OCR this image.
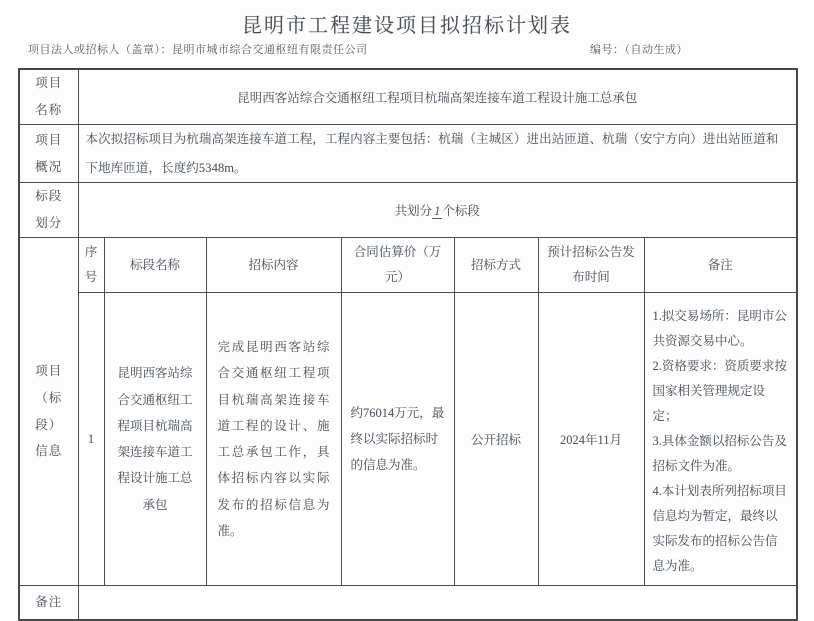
昆明市工程建设项目拟招标计划表
项目法人或招标人（盖章）：昆明市城市综合交通枢纽有限责任公司	编号：（自动生成）
项目名称	昆明西客站综合交通枢纽工程项目杭瑞高架连接车道工程设计施工总承包						
项目概况	本次拟招标项目为杭瑞高架连接车道工程，工程内容主要包括：杭瑞（主城区）进出站匝道、杭瑞（安宁方向）进出站匝道和下地库匝道，长度约5348m。						
标段划分	共划分 1 个标段						
项目（标段）信息	序号	标段名称	招标内容	合同估算价（万元）	招标方式	预计招标公告发布时间	备注
	1	昆明西客站综合交通枢纽工程项目杭瑞高架连接车道工程设计施工总承包	完成昆明西客站综合交通枢纽工程项目杭瑞高架连接车道工程的设计、施工总承包工作，具体招标内容以实际发布的招标信息为准。	约76014万元，最终以实际招标时的信息为准。	公开招标	2024年11月	1.拟交易场所：昆明市公共资源交易中心。
2.资格要求：资质要求按国家相关管理规定设定；
3.具体金额以招标公告及招标文件为准。
4.本计划表所列招标项目信息均为暂定，最终以实际发布的招标公告信息为准。

备注							
